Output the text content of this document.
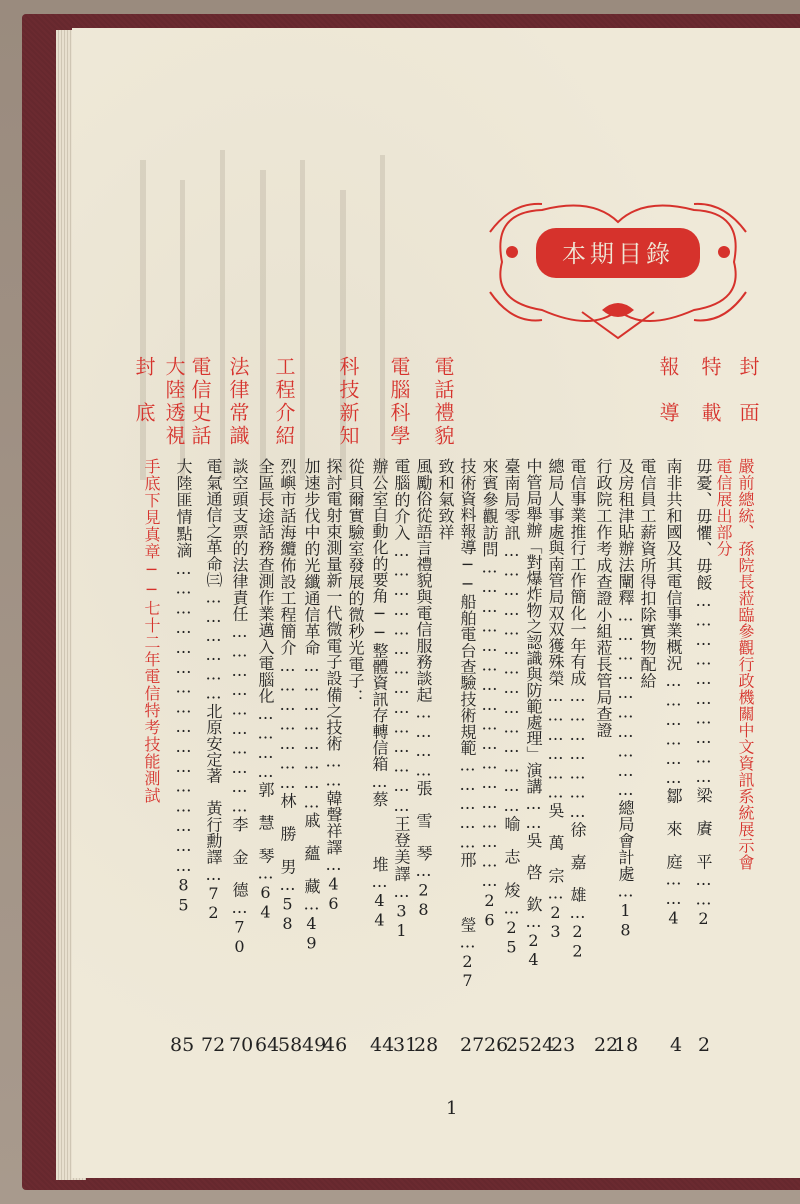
本期目錄
封　面
特　載
報　導
電話禮貌
電腦科學
科技新知
工程介紹
法律常識
電信史話
大陸透視
封　底
嚴前總統、孫院長蒞臨參觀行政機關中文資訊系統展示會
電信展出部分
毋憂、毋懼、毋餒…………………………梁　賡　平……2
南非共和國及其電信事業概況………………鄒　來　庭……4
電信員工薪資所得扣除實物配給
及房租津貼辦法闡釋…………………………總局會計處…18
行政院工作考成查證小組蒞長管局查證
電信事業推行工作簡化一年有成…………………徐　嘉　雄…22
總局人事處與南管局双双獲殊榮………………吳　萬　宗…23
中管局舉辦「對爆炸物之認識與防範處理」演講……吳　啓　欽…24
臺南局零訊……………………………………喻　志　焌…25
來賓參觀訪問……………………………………………26
技術資料報導──船舶電台查驗技術規範……………邢　　　瑩…27
致和氣致祥
風勵俗從語言禮貌與電信服務談起…………張　雪　琴…28
電腦的介入……………………………………王登美譯…31
辦公室自動化的要角──整體資訊存轉信箱…蔡　　　堆…44
從貝爾實驗室發展的微秒光電子：
探討電射束測量新一代微電子設備之技術……韓聲祥譯…46
加速步伐中的光纖通信革命……………………戚　蘊　藏…49
烈嶼市話海纜佈設工程簡介…………………林　勝　男…58
全區長途話務查測作業邁入電腦化…………郭　慧　琴…64
談空頭支票的法律責任…………………………李　金　德…70
電氣通信之革命㈢………………北原安定著　黃行勳譯…72
大陸匪情點滴…………………………………………85
手底下見真章──七十二年電信特考技能測試
2
4
18
22
23
24
25
26
27
28
31
44
46
49
58
64
70
72
85
1
